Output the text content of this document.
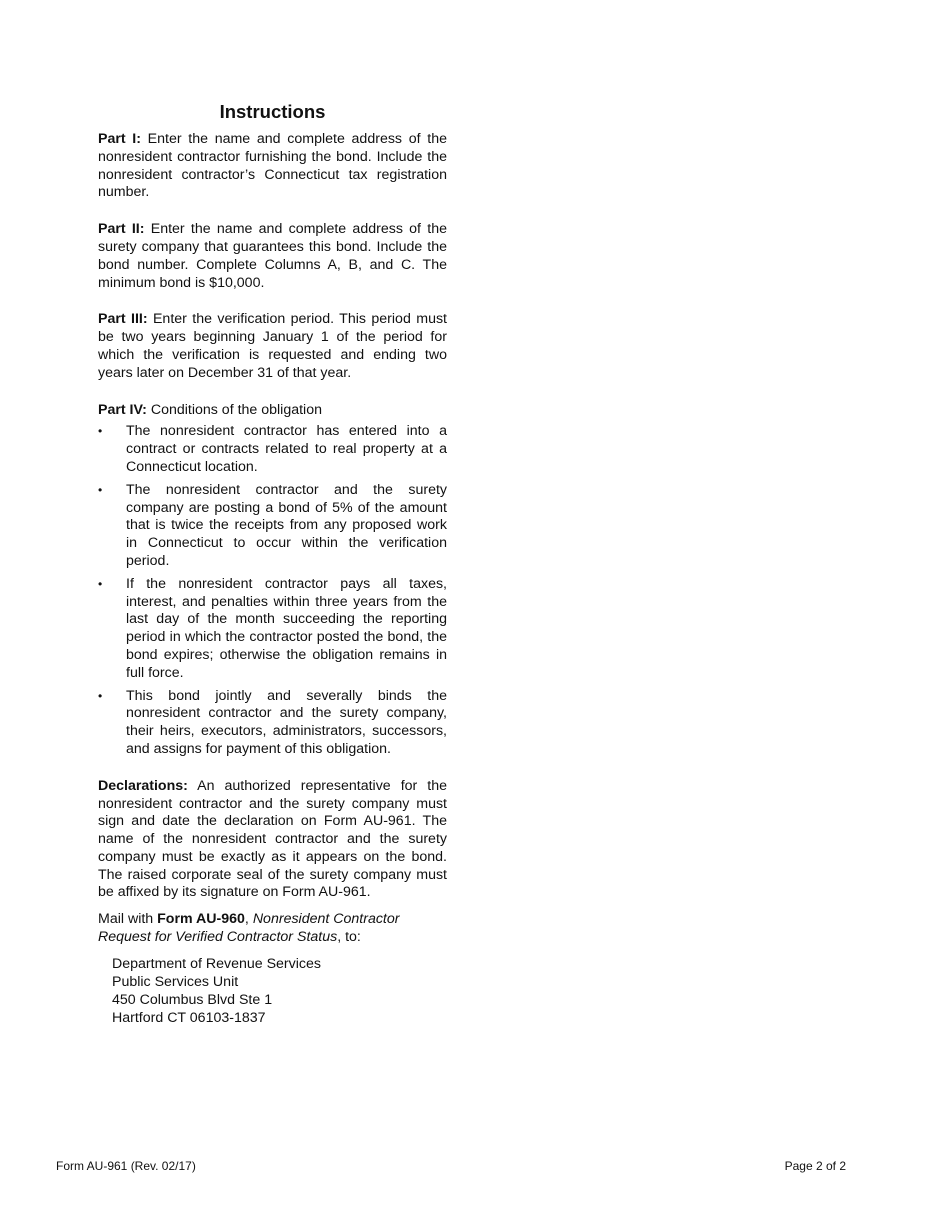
Instructions

Part I: Enter the name and complete address of the nonresident contractor furnishing the bond. Include the nonresident contractor’s Connecticut tax registration number.

Part II: Enter the name and complete address of the surety company that guarantees this bond. Include the bond number. Complete Columns A, B, and C. The minimum bond is $10,000.

Part III: Enter the verification period. This period must be two years beginning January 1 of the period for which the verification is requested and ending two years later on December 31 of that year.

Part IV: Conditions of the obligation

• The nonresident contractor has entered into a contract or contracts related to real property at a Connecticut location.
• The nonresident contractor and the surety company are posting a bond of 5% of the amount that is twice the receipts from any proposed work in Connecticut to occur within the verification period.
• If the nonresident contractor pays all taxes, interest, and penalties within three years from the last day of the month succeeding the reporting period in which the contractor posted the bond, the bond expires; otherwise the obligation remains in full force.
• This bond jointly and severally binds the nonresident contractor and the surety company, their heirs, executors, administrators, successors, and assigns for payment of this obligation.

Declarations: An authorized representative for the nonresident contractor and the surety company must sign and date the declaration on Form AU-961. The name of the nonresident contractor and the surety company must be exactly as it appears on the bond. The raised corporate seal of the surety company must be affixed by its signature on Form AU-961.

Mail with Form AU-960, Nonresident Contractor Request for Verified Contractor Status, to:

Department of Revenue Services
Public Services Unit
450 Columbus Blvd Ste 1
Hartford CT 06103-1837
Form AU-961 (Rev. 02/17)	Page 2 of 2
